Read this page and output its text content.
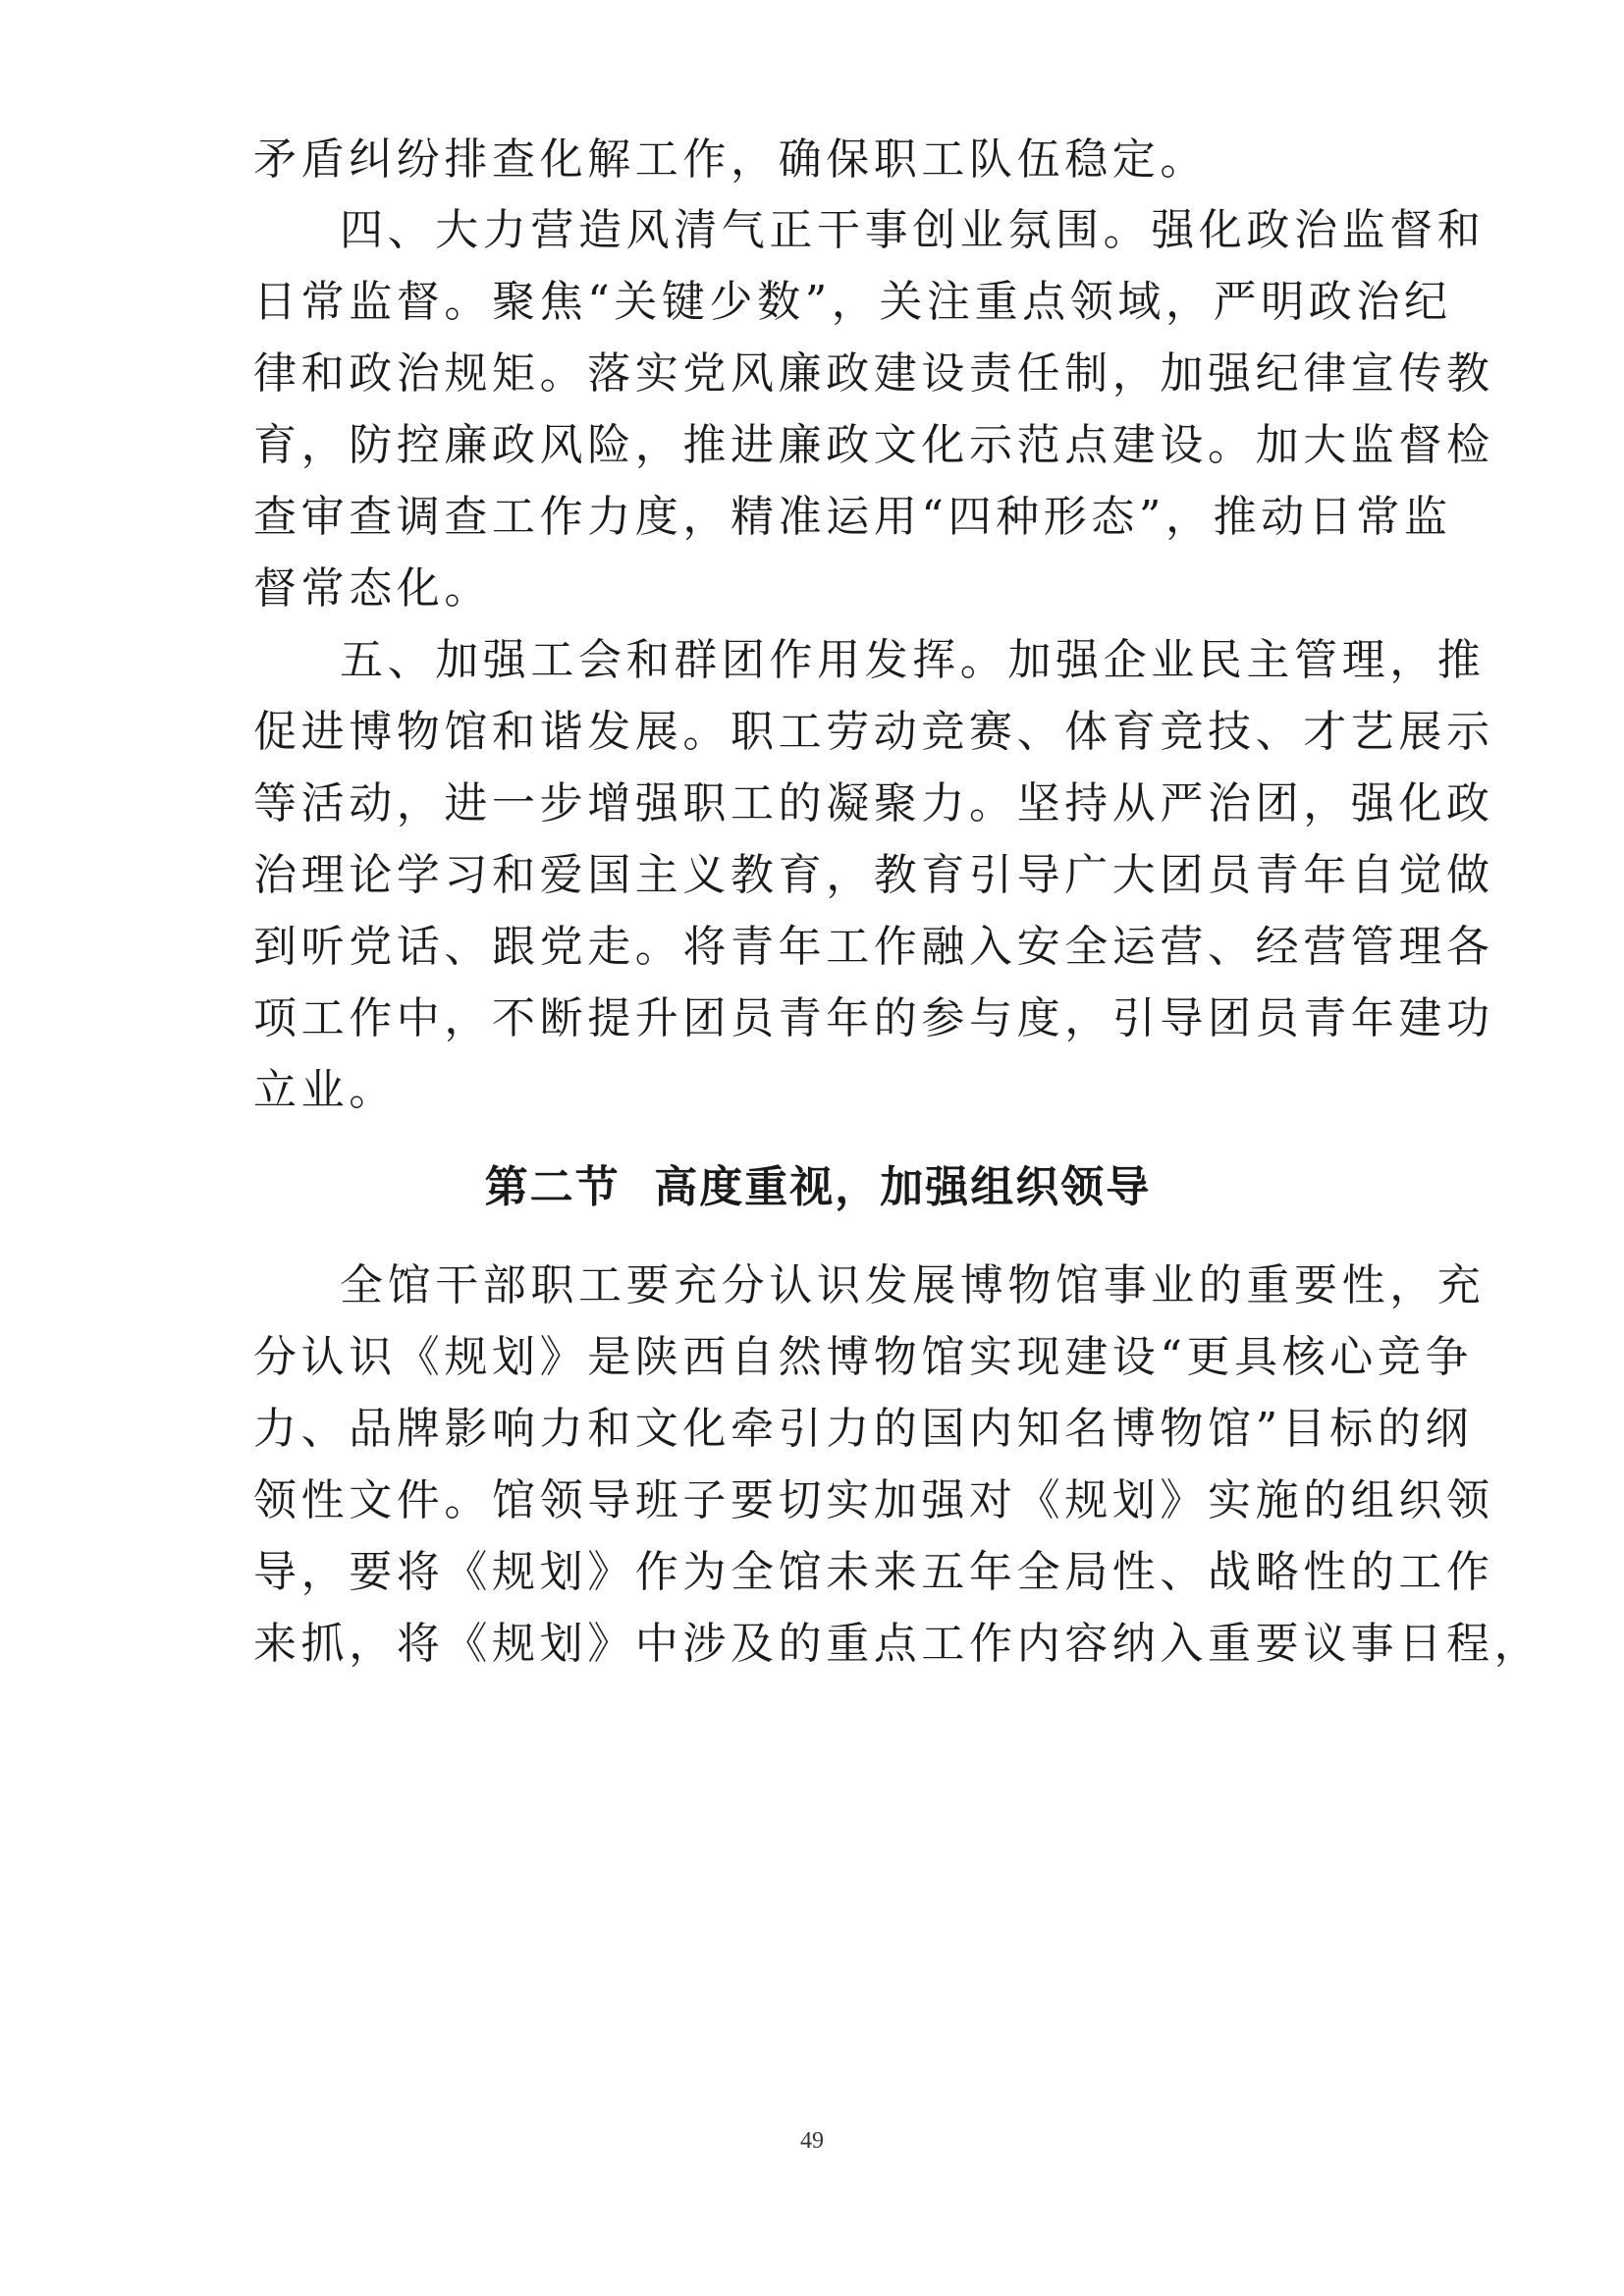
矛盾纠纷排查化解工作，确保职工队伍稳定。
四、大力营造风清气正干事创业氛围。强化政治监督和
日常监督。聚焦“关键少数”，关注重点领域，严明政治纪
律和政治规矩。落实党风廉政建设责任制，加强纪律宣传教
育，防控廉政风险，推进廉政文化示范点建设。加大监督检
查审查调查工作力度，精准运用“四种形态”，推动日常监
督常态化。
五、加强工会和群团作用发挥。加强企业民主管理，推
促进博物馆和谐发展。职工劳动竞赛、体育竞技、才艺展示
等活动，进一步增强职工的凝聚力。坚持从严治团，强化政
治理论学习和爱国主义教育，教育引导广大团员青年自觉做
到听党话、跟党走。将青年工作融入安全运营、经营管理各
项工作中，不断提升团员青年的参与度，引导团员青年建功
立业。
第二节  高度重视，加强组织领导
全馆干部职工要充分认识发展博物馆事业的重要性，充
分认识《规划》是陕西自然博物馆实现建设“更具核心竞争
力、品牌影响力和文化牵引力的国内知名博物馆”目标的纲
领性文件。馆领导班子要切实加强对《规划》实施的组织领
导，要将《规划》作为全馆未来五年全局性、战略性的工作
来抓，将《规划》中涉及的重点工作内容纳入重要议事日程，
49
